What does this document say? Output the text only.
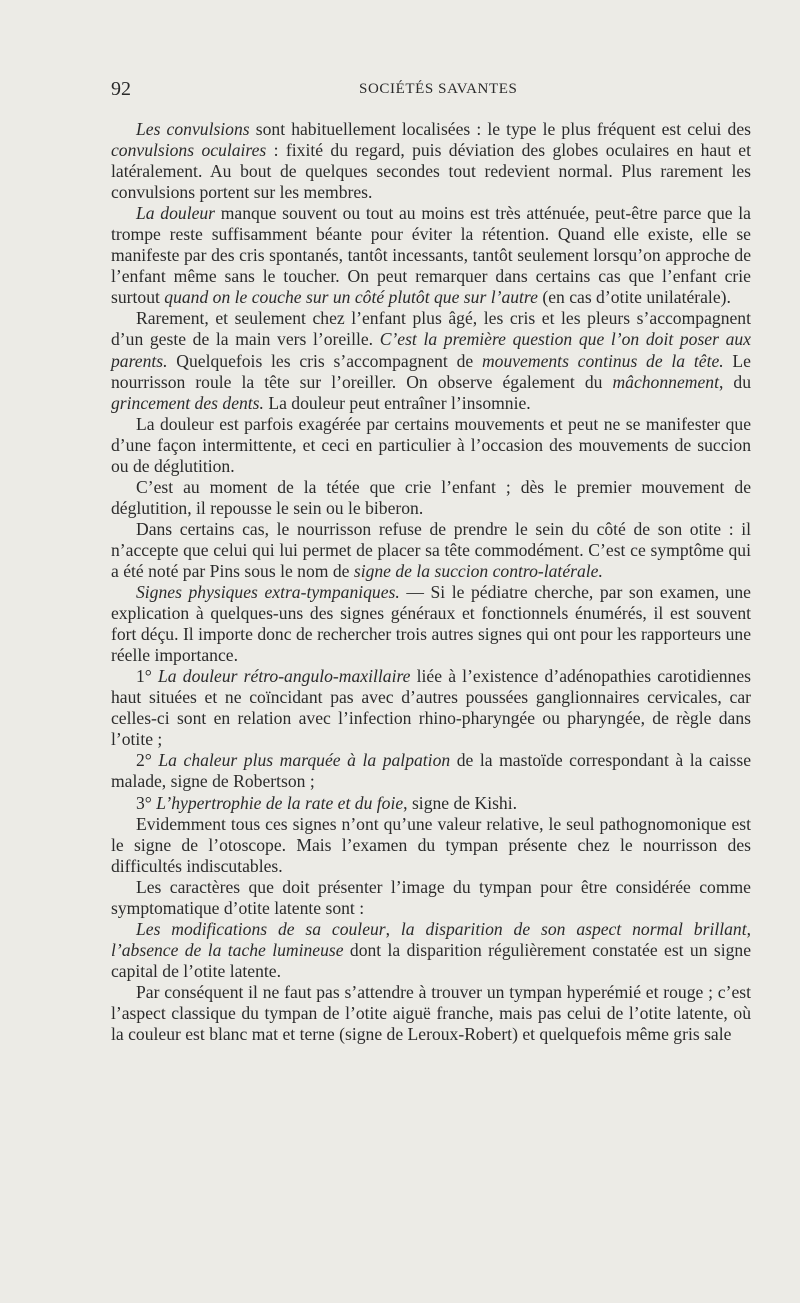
92	SOCIÉTÉS SAVANTES

Les convulsions sont habituellement localisées : le type le plus fréquent est celui des convulsions oculaires : fixité du regard, puis déviation des globes oculaires en haut et latéralement. Au bout de quelques secondes tout redevient normal. Plus rarement les convulsions portent sur les membres.

La douleur manque souvent ou tout au moins est très atténuée, peut-être parce que la trompe reste suffisamment béante pour éviter la rétention. Quand elle existe, elle se manifeste par des cris spontanés, tantôt incessants, tantôt seulement lorsqu’on approche de l’enfant même sans le toucher. On peut remarquer dans certains cas que l’enfant crie surtout quand on le couche sur un côté plutôt que sur l’autre (en cas d’otite unilatérale).

Rarement, et seulement chez l’enfant plus âgé, les cris et les pleurs s’accompagnent d’un geste de la main vers l’oreille. C’est la première question que l’on doit poser aux parents. Quelquefois les cris s’accompagnent de mouvements continus de la tête. Le nourrisson roule la tête sur l’oreiller. On observe également du mâchonnement, du grincement des dents. La douleur peut entraîner l’insomnie.

La douleur est parfois exagérée par certains mouvements et peut ne se manifester que d’une façon intermittente, et ceci en particulier à l’occasion des mouvements de succion ou de déglutition.

C’est au moment de la tétée que crie l’enfant ; dès le premier mouvement de déglutition, il repousse le sein ou le biberon.

Dans certains cas, le nourrisson refuse de prendre le sein du côté de son otite : il n’accepte que celui qui lui permet de placer sa tête commodément. C’est ce symptôme qui a été noté par Pins sous le nom de signe de la succion contro-latérale.

Signes physiques extra-tympaniques. — Si le pédiatre cherche, par son examen, une explication à quelques-uns des signes généraux et fonctionnels énumérés, il est souvent fort déçu. Il importe donc de rechercher trois autres signes qui ont pour les rapporteurs une réelle importance.

1° La douleur rétro-angulo-maxillaire liée à l’existence d’adénopathies carotidiennes haut situées et ne coïncidant pas avec d’autres poussées ganglionnaires cervicales, car celles-ci sont en relation avec l’infection rhino-pharyngée ou pharyngée, de règle dans l’otite ;

2° La chaleur plus marquée à la palpation de la mastoïde correspondant à la caisse malade, signe de Robertson ;

3° L’hypertrophie de la rate et du foie, signe de Kishi.

Evidemment tous ces signes n’ont qu’une valeur relative, le seul pathognomonique est le signe de l’otoscope. Mais l’examen du tympan présente chez le nourrisson des difficultés indiscutables.

Les caractères que doit présenter l’image du tympan pour être considérée comme symptomatique d’otite latente sont :

Les modifications de sa couleur, la disparition de son aspect normal brillant, l’absence de la tache lumineuse dont la disparition régulièrement constatée est un signe capital de l’otite latente.

Par conséquent il ne faut pas s’attendre à trouver un tympan hyperémié et rouge ; c’est l’aspect classique du tympan de l’otite aiguë franche, mais pas celui de l’otite latente, où la couleur est blanc mat et terne (signe de Leroux-Robert) et quelquefois même gris sale
